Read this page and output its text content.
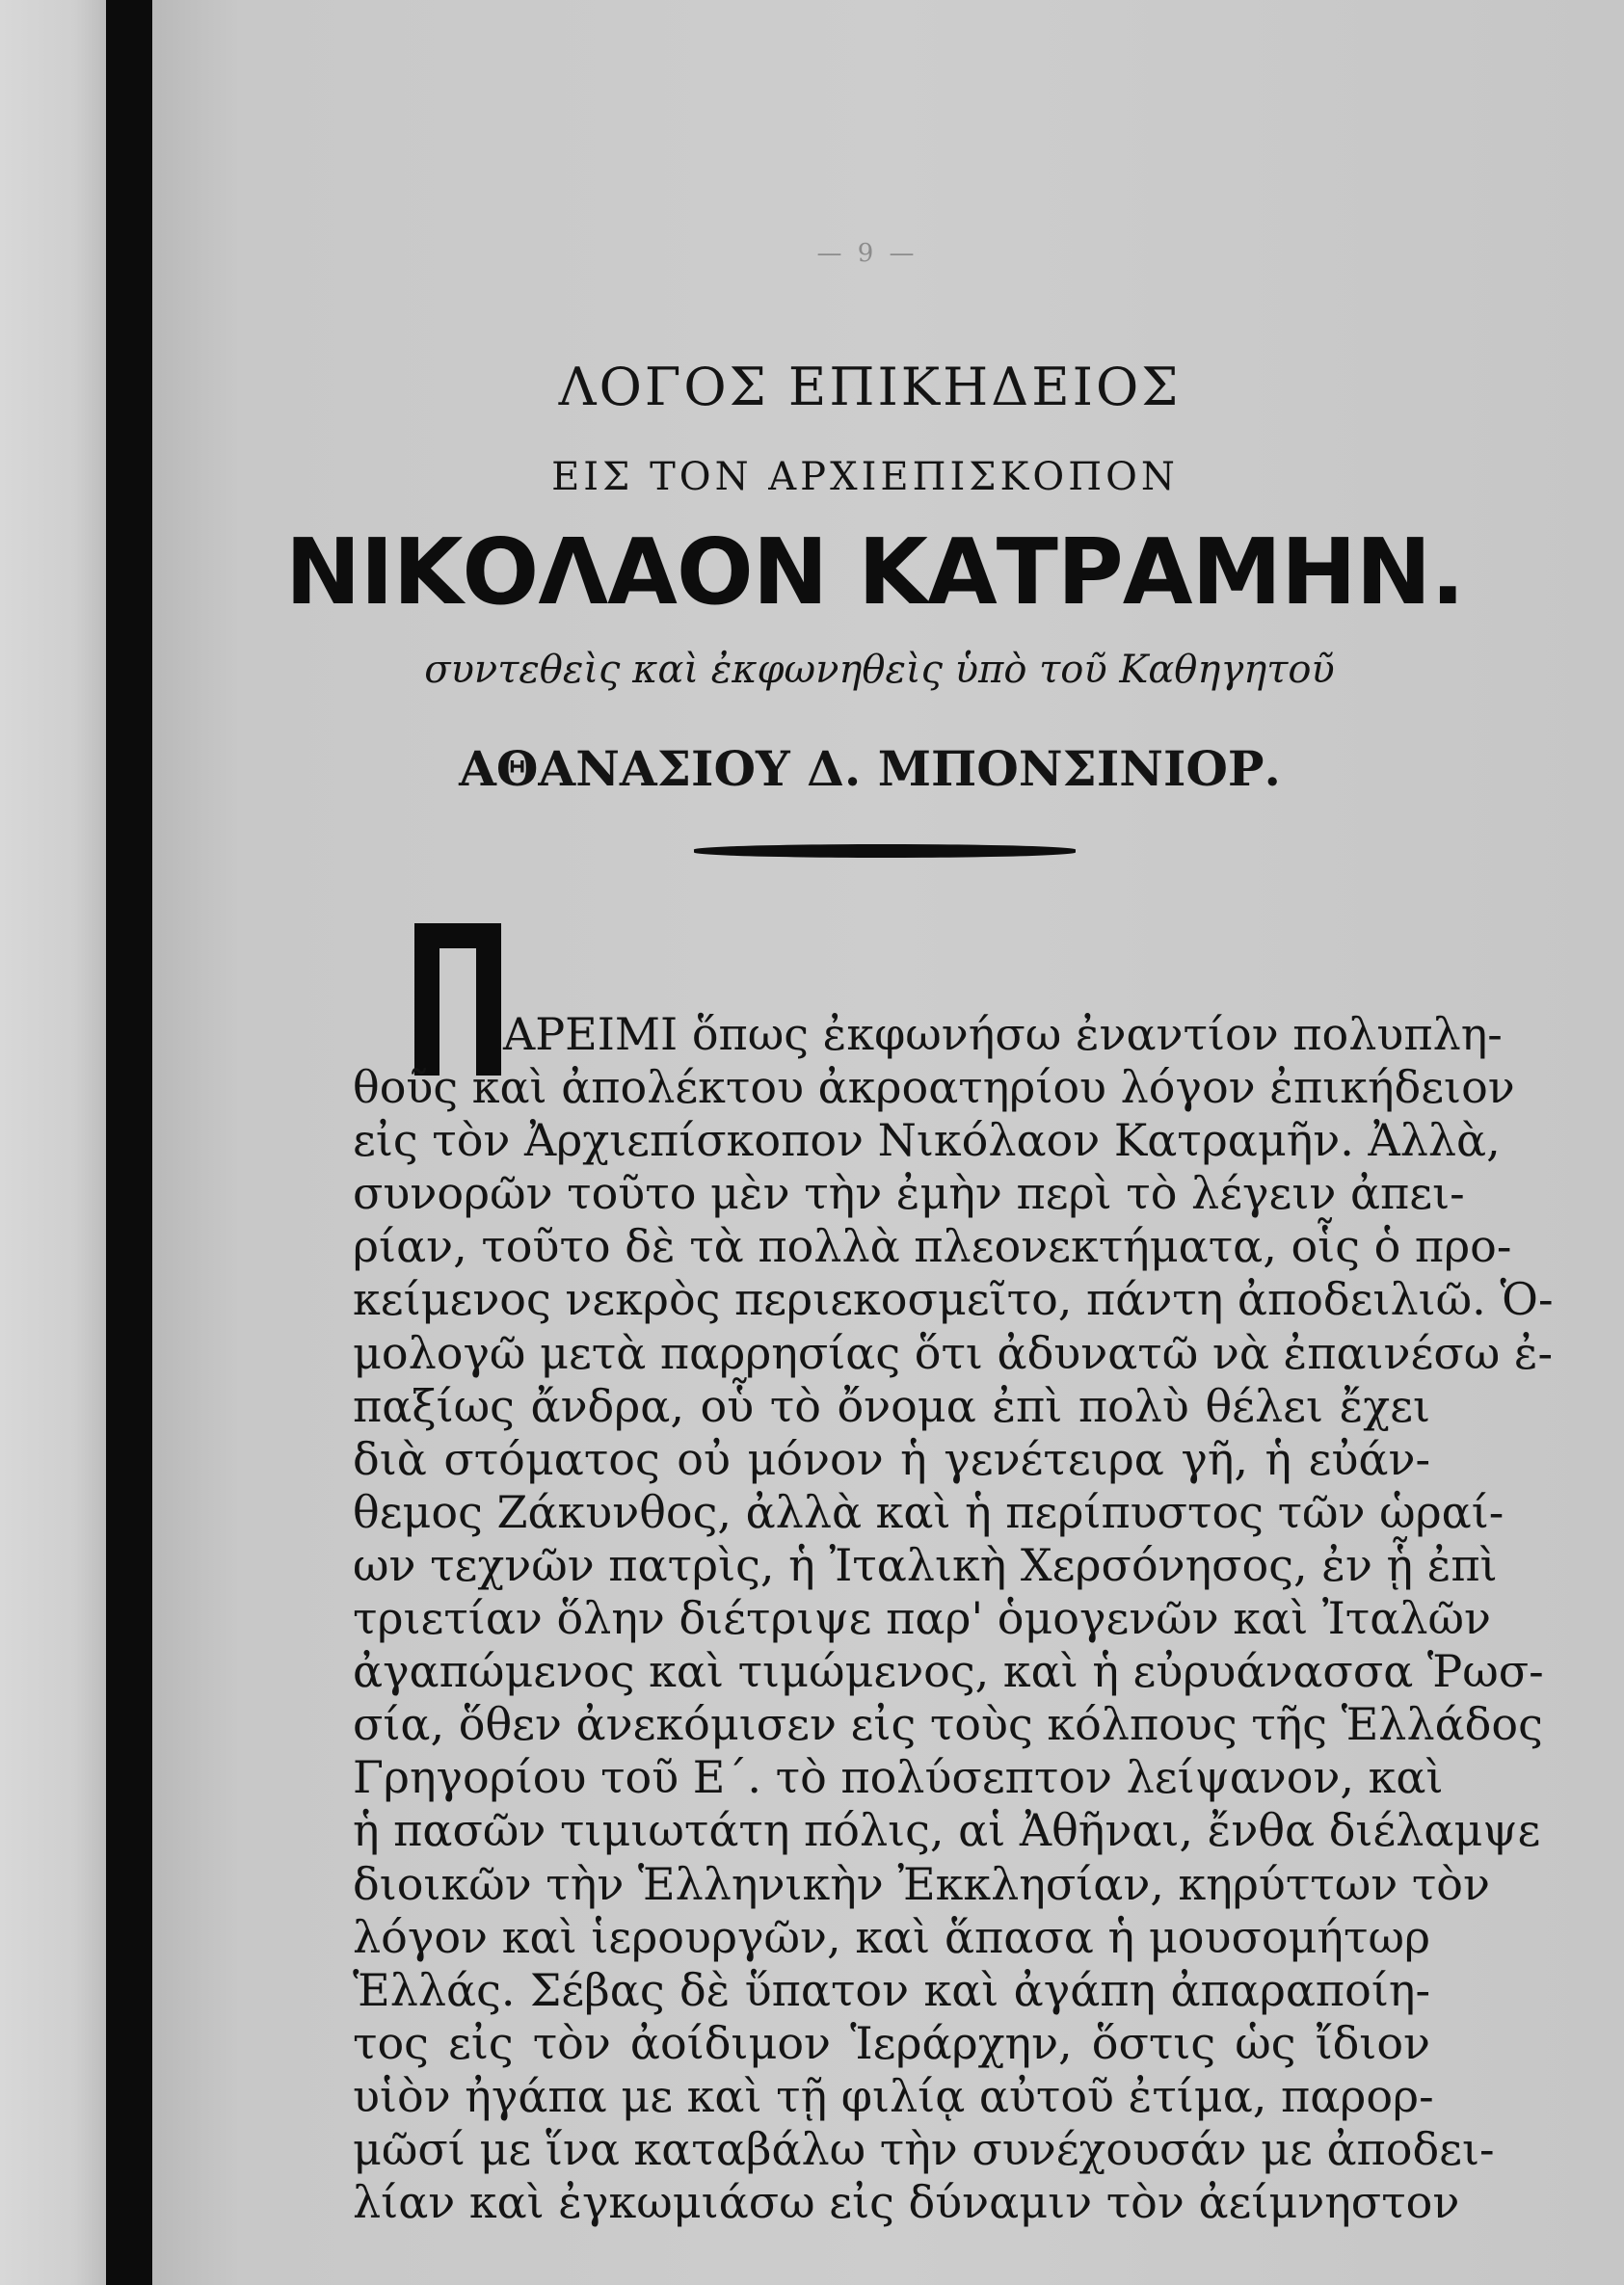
— 9 —
ΛΟΓΟΣ ΕΠΙΚΗΔΕΙΟΣ
ΕΙΣ ΤΟΝ ΑΡΧΙΕΠΙΣΚΟΠΟΝ
ΝΙΚΟΛΑΟΝ ΚΑΤΡΑΜΗΝ.
συντεθεὶς καὶ ἐκφωνηθεὶς ὑπὸ τοῦ Καθηγητοῦ
ΑΘΑΝΑΣΙΟΥ Δ. ΜΠΟΝΣΙΝΙΟΡ.
ΑΡΕΙΜΙ ὅπως ἐκφωνήσω ἐναντίον πολυπλη-
θοῦς καὶ ἀπολέκτου ἀκροατηρίου λόγον ἐπικήδειον
εἰς τὸν Ἀρχιεπίσκοπον Νικόλαον Κατραμῆν. Ἀλλὰ,
συνορῶν τοῦτο μὲν τὴν ἐμὴν περὶ τὸ λέγειν ἀπει-
ρίαν, τοῦτο δὲ τὰ πολλὰ πλεονεκτήματα, οἷς ὁ προ-
κείμενος νεκρὸς περιεκοσμεῖτο, πάντη ἀποδειλιῶ. Ὁ-
μολογῶ μετὰ παρρησίας ὅτι ἀδυνατῶ νὰ ἐπαινέσω ἐ-
παξίως ἄνδρα, οὗ τὸ ὄνομα ἐπὶ πολὺ θέλει ἔχει
διὰ στόματος οὐ μόνον ἡ γενέτειρα γῆ, ἡ εὐάν-
θεμος Ζάκυνθος, ἀλλὰ καὶ ἡ περίπυστος τῶν ὡραί-
ων τεχνῶν πατρὶς, ἡ Ἰταλικὴ Χερσόνησος, ἐν ᾗ ἐπὶ
τριετίαν ὅλην διέτριψε παρ' ὁμογενῶν καὶ Ἰταλῶν
ἀγαπώμενος καὶ τιμώμενος, καὶ ἡ εὐρυάνασσα Ῥωσ-
σία, ὅθεν ἀνεκόμισεν εἰς τοὺς κόλπους τῆς Ἑλλάδος
Γρηγορίου τοῦ Ε΄. τὸ πολύσεπτον λείψανον, καὶ
ἡ πασῶν τιμιωτάτη πόλις, αἱ Ἀθῆναι, ἔνθα διέλαμψε
διοικῶν τὴν Ἑλληνικὴν Ἐκκλησίαν, κηρύττων τὸν
λόγον καὶ ἱερουργῶν, καὶ ἅπασα ἡ μουσομήτωρ
Ἑλλάς. Σέβας δὲ ὕπατον καὶ ἀγάπη ἀπαραποίη-
τος εἰς τὸν ἀοίδιμον Ἱεράρχην, ὅστις ὡς ἴδιον
υἱὸν ἠγάπα με καὶ τῇ φιλίᾳ αὐτοῦ ἐτίμα, παρορ-
μῶσί με ἵνα καταβάλω τὴν συνέχουσάν με ἀποδει-
λίαν καὶ ἐγκωμιάσω εἰς δύναμιν τὸν ἀείμνηστον
